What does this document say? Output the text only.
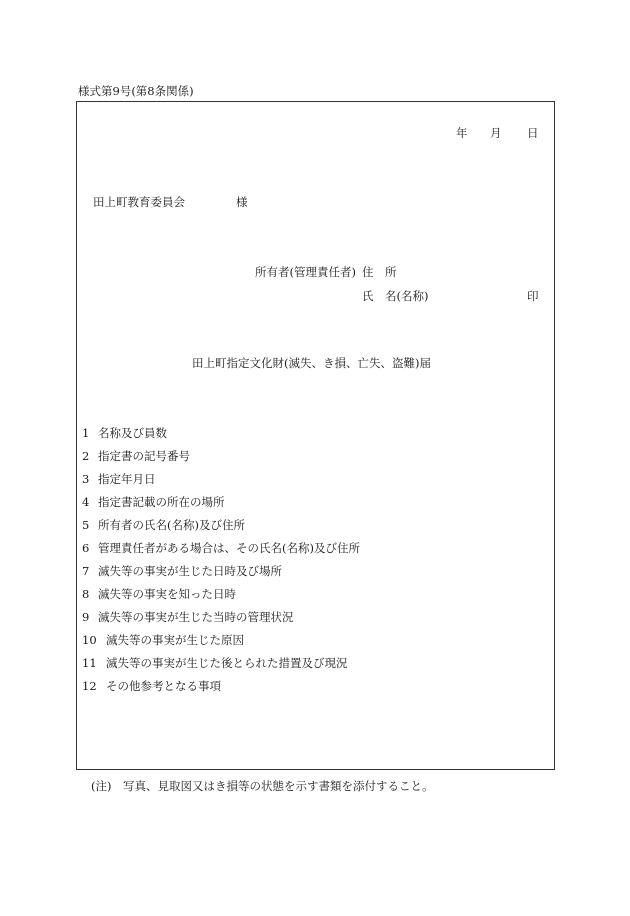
様式第9号(第8条関係)
年 月 日
田上町教育委員会	様
所有者(管理責任者) 住　所
氏　名(名称)	印
田上町指定文化財(滅失、き損、亡失、盗難)届
1 名称及び員数
2 指定書の記号番号
3 指定年月日
4 指定書記載の所在の場所
5 所有者の氏名(名称)及び住所
6 管理責任者がある場合は、その氏名(名称)及び住所
7 滅失等の事実が生じた日時及び場所
8 滅失等の事実を知った日時
9 滅失等の事実が生じた当時の管理状況
10 滅失等の事実が生じた原因
11 滅失等の事実が生じた後とられた措置及び現況
12 その他参考となる事項
(注) 写真、見取図又はき損等の状態を示す書類を添付すること。
